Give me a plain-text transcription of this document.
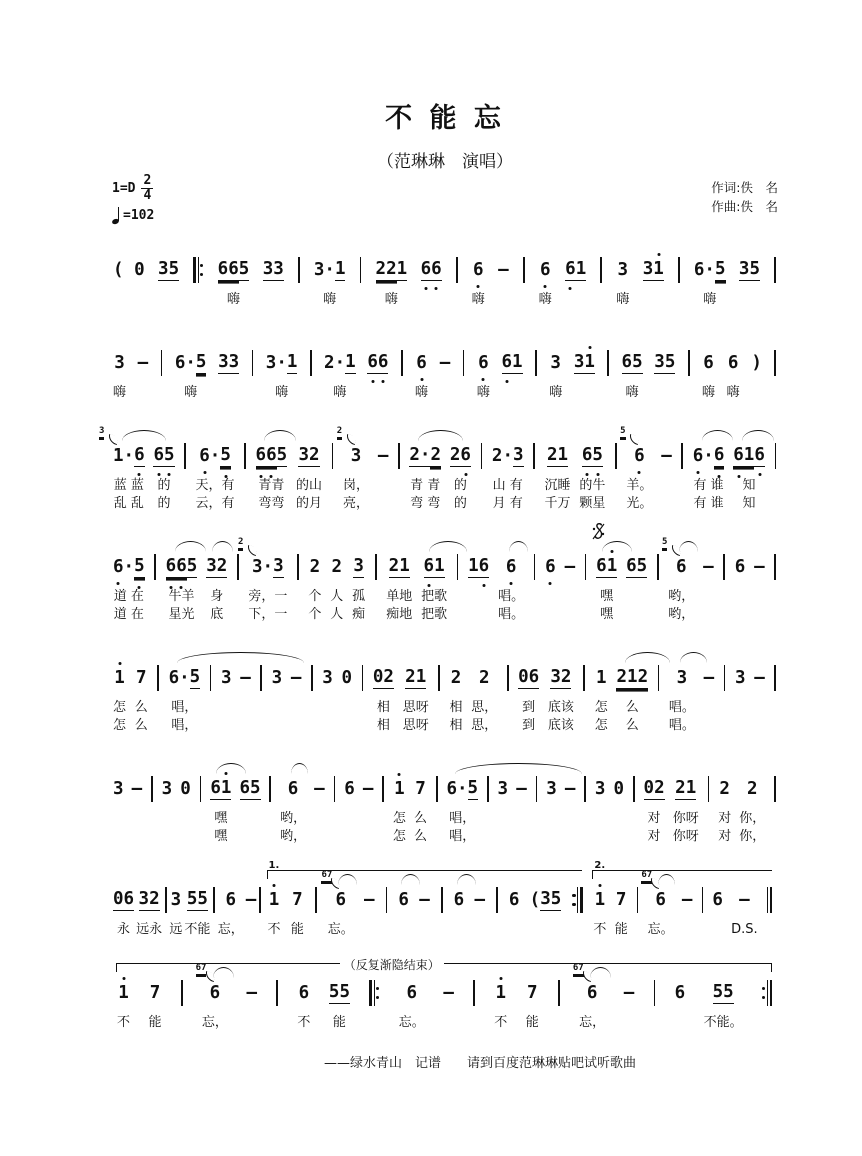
不 能 忘
（范琳琳　演唱）
$1=D \frac{2}{4}$
=102
作词:佚　名
作曲:佚　名
( 0
35
66 5
嗨
33
3· 1
嗨
22 1
嗨
6
6
6
嗨
—
6
嗨
6
1
3
嗨
31
6· 5
嗨
35

3
嗨
—
6· 5
嗨
33
3· 1
嗨
2· 1
嗨
6
6
6
嗨
—
6
嗨
6
1
3
嗨
31
65
嗨
35
6
嗨
6
嗨
)

3
1· 6
蓝 蓝
乱 乱
6
5
的
的
6
· 5
天，有
云，有
6
6 5
青青
弯弯
32
的山
的月
2
3
岗，
亮，
—

2· 2
青 青
弯 弯
26
的
的
2· 3
山 有
月 有
21
沉睡
千万
6
5
的牛
颗星
5
6
羊。
光。
—

6
· 6
有 谁
有 谁
6
1 6
知
知
6
· 5
道 在
道 在
6
6 5
牛羊
星光
32
身
底
2
3· 3
旁，一
下，一
2
个
个
2
人
人
3
孤
痴
21
单地
痴地
6
1
把歌
把歌
16

6
唱。
唱。
6

—

61
嘿
嘿
65

5
6
哟，
哟，
—

6

—

1
怎
怎
7
么
么
6· 5
唱，
唱，
3

—

3

—

3

0

02
相
相
21
思呀
思呀
2
相
相
2
思，
思，
06
到
到
32
底该
底该
1
怎
怎
212
么
么
3
唱。
唱。
—

3

—

3

—

3

0

61
嘿
嘿
65

6
哟，
哟，
—

6

—

1
怎
怎
7
么
么
6· 5
唱，
唱，
3

—

3

—

3

0

02
对
对
21
你呀
你呀
2
对
对
2
你，
你，
06
永
32
远永
3
远
55
不能
6
忘，
—

1.
1
不
7
能
67
6
忘。
—
6
—
6
—
6
( 35

2.
1
不
7
能
67
6
忘。
—
6
—
D.S.
（反复渐隐结束）
1
不
7
能
67
6
忘，
—
6
不
55
能
6
忘。
—
1
不
7
能
67
6
忘，
—
6
55
不能。
——绿水青山　记谱　　请到百度范琳琳贴吧试听歌曲
